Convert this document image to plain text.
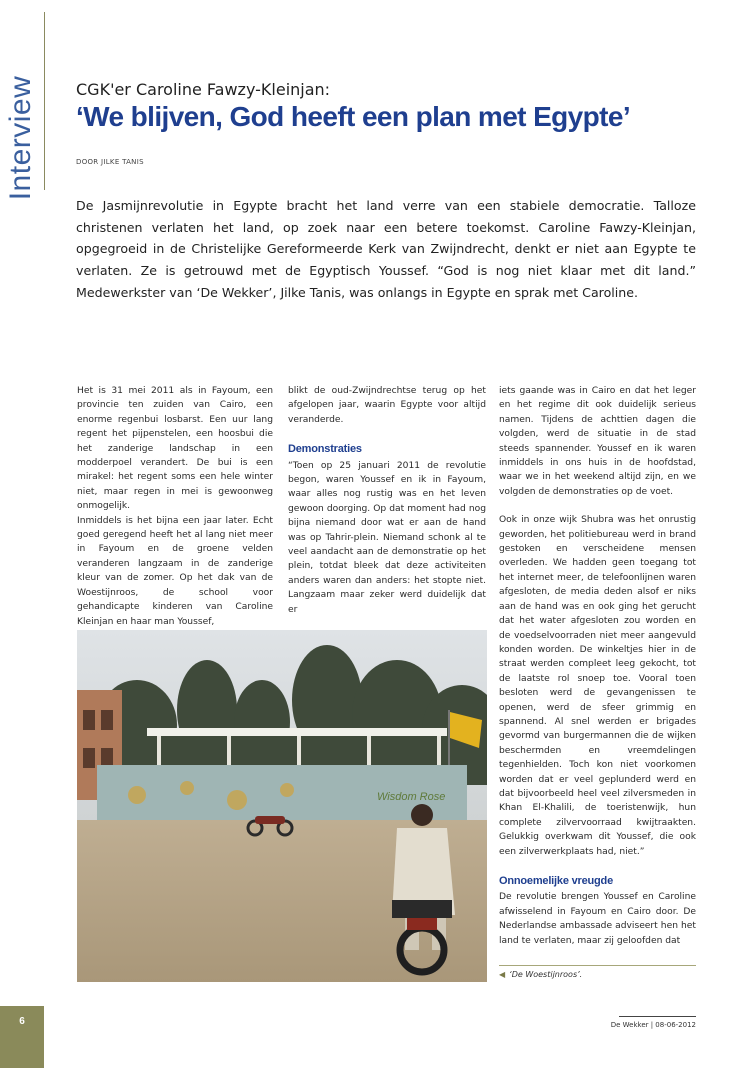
Interview CGK'er Caroline Fawzy-Kleinjan:
‘We blijven, God heeft een plan met Egypte’
DOOR JILKE TANIS
De Jasmijnrevolutie in Egypte bracht het land verre van een stabiele democratie. Talloze christenen verlaten het land, op zoek naar een betere toekomst. Caroline Fawzy-Kleinjan, opgegroeid in de Christelijke Gereformeerde Kerk van Zwijndrecht, denkt er niet aan Egypte te verlaten. Ze is getrouwd met de Egyptisch Youssef. “God is nog niet klaar met dit land.” Medewerkster van ‘De Wekker’, Jilke Tanis, was onlangs in Egypte en sprak met Caroline.

Het is 31 mei 2011 als in Fayoum, een provincie ten zuiden van Cairo, een enorme regenbui losbarst. Een uur lang regent het pijpenstelen, een hoosbui die het zanderige landschap in een modderpoel verandert. De bui is een mirakel: het regent soms een hele winter niet, maar regen in mei is gewoonweg onmogelijk.

Inmiddels is het bijna een jaar later. Echt goed geregend heeft het al lang niet meer in Fayoum en de groene velden veranderen langzaam in de zanderige kleur van de zomer. Op het dak van de Woestijnroos, de school voor gehandicapte kinderen van Caroline Kleinjan en haar man Youssef,

blikt de oud-Zwijndrechtse terug op het afgelopen jaar, waarin Egypte voor altijd veranderde.

Demonstraties

“Toen op 25 januari 2011 de revolutie begon, waren Youssef en ik in Fayoum, waar alles nog rustig was en het leven gewoon doorging. Op dat moment had nog bijna niemand door wat er aan de hand was op Tahrir-plein. Niemand schonk al te veel aandacht aan de demonstratie op het plein, totdat bleek dat deze activiteiten anders waren dan anders: het stopte niet. Langzaam maar zeker werd duidelijk dat er

iets gaande was in Cairo en dat het leger en het regime dit ook duidelijk serieus namen. Tijdens de achttien dagen die volgden, werd de situatie in de stad steeds spannender. Youssef en ik waren inmiddels in ons huis in de hoofdstad, waar we in het weekend altijd zijn, en we volgden de demonstraties op de voet.

Ook in onze wijk Shubra was het onrustig geworden, het politiebureau werd in brand gestoken en verscheidene mensen overleden. We hadden geen toegang tot het internet meer, de telefoonlijnen waren afgesloten, de media deden alsof er niks aan de hand was en ook ging het gerucht dat het water afgesloten zou worden en de voedselvoorraden niet meer aangevuld konden worden. De winkeltjes hier in de straat werden compleet leeg gekocht, tot de laatste rol snoep toe. Vooral toen besloten werd de gevangenissen te openen, werd de sfeer grimmig en spannend. Al snel werden er brigades gevormd van burgermannen die de wijken beschermden en vreemdelingen tegenhielden. Toch kon niet voorkomen worden dat er veel geplunderd werd en dat bijvoorbeeld heel veel zilversmeden in Khan El-Khalili, de toeristenwijk, hun complete zilvervoorraad kwijtraakten. Gelukkig overkwam dit Youssef, die ook een zilverwerkplaats had, niet.”

Onnoemelijke vreugde

De revolutie brengen Youssef en Caroline afwisselend in Fayoum en Cairo door. De Nederlandse ambassade adviseert hen het land te verlaten, maar zij geloofden dat

Wisdom Rose
◀ ‘De Woestijnroos’.
6	De Wekker | 08-06-2012
